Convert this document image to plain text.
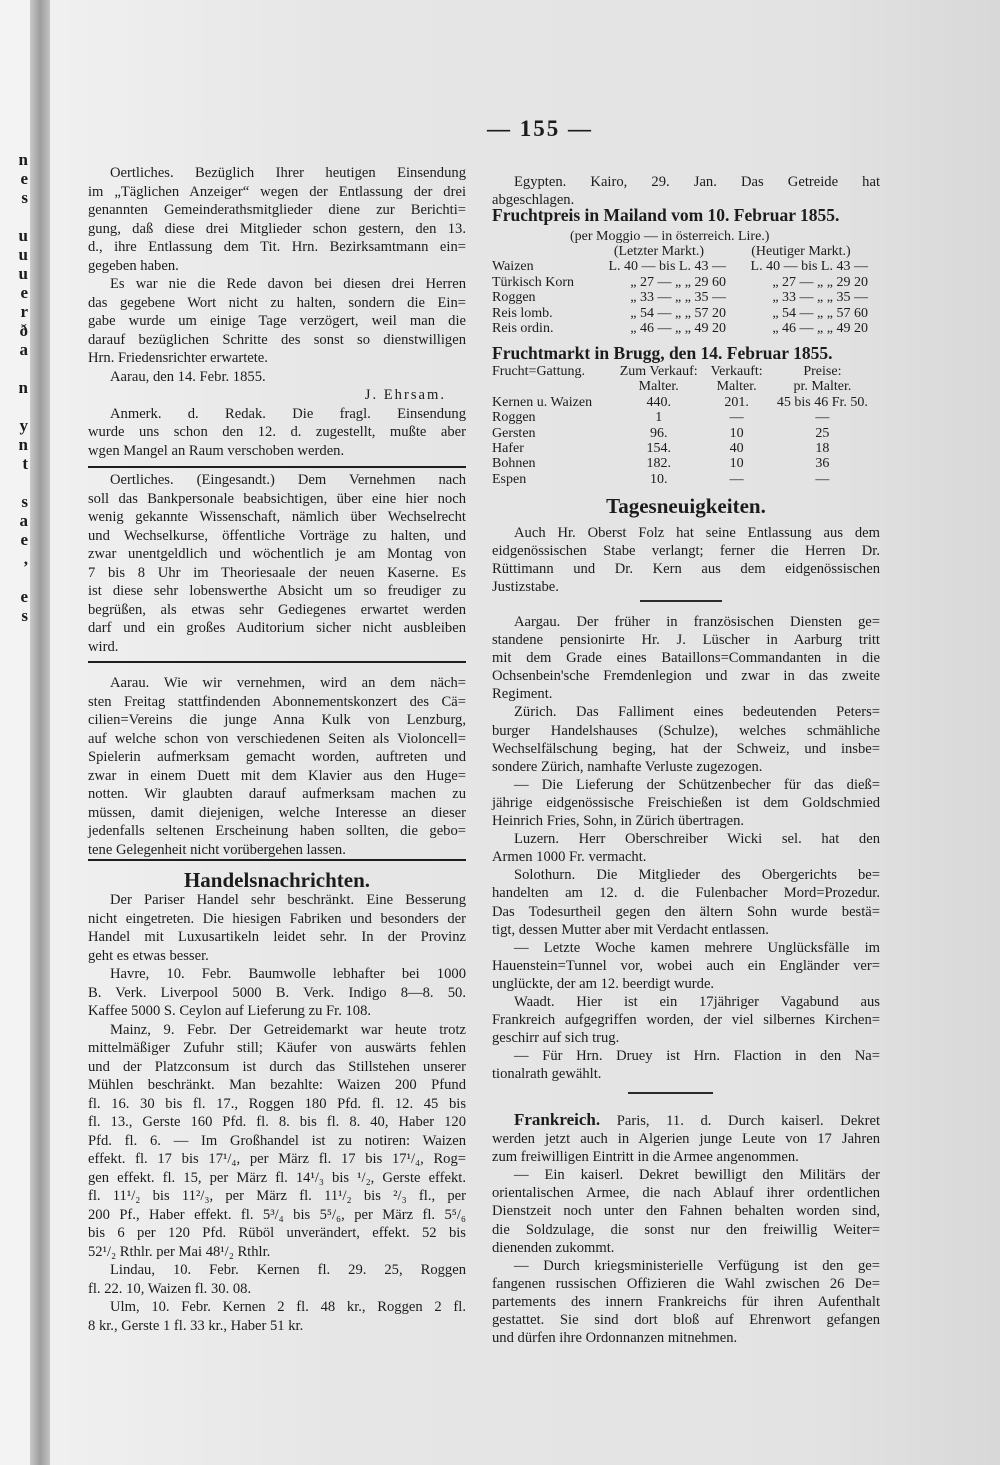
n
e
s
u
u
u
e
r
ð
a
n
y
n
t
s
a
e
,
e
s
— 155 —
Oertliches. Bezüglich Ihrer heutigen Einsendung
im „Täglichen Anzeiger“ wegen der Entlassung der drei
genannten Gemeinderathsmitglieder diene zur Berichti=
gung, daß diese drei Mitglieder schon gestern, den 13.
d., ihre Entlassung dem Tit. Hrn. Bezirksamtmann ein=
gegeben haben.
Es war nie die Rede davon bei diesen drei Herren
das gegebene Wort nicht zu halten, sondern die Ein=
gabe wurde um einige Tage verzögert, weil man die
darauf bezüglichen Schritte des sonst so dienstwilligen
Hrn. Friedensrichter erwartete.
Aarau, den 14. Febr. 1855.
J. Ehrsam.
Anmerk. d. Redak. Die fragl. Einsendung
wurde uns schon den 12. d. zugestellt, mußte aber
wgen Mangel an Raum verschoben werden.
Oertliches. (Eingesandt.) Dem Vernehmen nach
soll das Bankpersonale beabsichtigen, über eine hier noch
wenig gekannte Wissenschaft, nämlich über Wechselrecht
und Wechselkurse, öffentliche Vorträge zu halten, und
zwar unentgeldlich und wöchentlich je am Montag von
7 bis 8 Uhr im Theoriesaale der neuen Kaserne. Es
ist diese sehr lobenswerthe Absicht um so freudiger zu
begrüßen, als etwas sehr Gediegenes erwartet werden
darf und ein großes Auditorium sicher nicht ausbleiben
wird.
Aarau. Wie wir vernehmen, wird an dem näch=
sten Freitag stattfindenden Abonnementskonzert des Cä=
cilien=Vereins die junge Anna Kulk von Lenzburg,
auf welche schon von verschiedenen Seiten als Violoncell=
Spielerin aufmerksam gemacht worden, auftreten und
zwar in einem Duett mit dem Klavier aus den Huge=
notten. Wir glaubten darauf aufmerksam machen zu
müssen, damit diejenigen, welche Interesse an dieser
jedenfalls seltenen Erscheinung haben sollten, die gebo=
tene Gelegenheit nicht vorübergehen lassen.
Handelsnachrichten.
Der Pariser Handel sehr beschränkt. Eine Besserung
nicht eingetreten. Die hiesigen Fabriken und besonders der
Handel mit Luxusartikeln leidet sehr. In der Provinz
geht es etwas besser.
Havre, 10. Febr. Baumwolle lebhafter bei 1000
B. Verk. Liverpool 5000 B. Verk. Indigo 8—8. 50.
Kaffee 5000 S. Ceylon auf Lieferung zu Fr. 108.
Mainz, 9. Febr. Der Getreidemarkt war heute trotz
mittelmäßiger Zufuhr still; Käufer von auswärts fehlen
und der Platzconsum ist durch das Stillstehen unserer
Mühlen beschränkt. Man bezahlte: Waizen 200 Pfund
fl. 16. 30 bis fl. 17., Roggen 180 Pfd. fl. 12. 45 bis
fl. 13., Gerste 160 Pfd. fl. 8. bis fl. 8. 40, Haber 120
Pfd. fl. 6. — Im Großhandel ist zu notiren: Waizen
effekt. fl. 17 bis 17¹/₄, per März fl. 17 bis 17¹/₄, Rog=
gen effekt. fl. 15, per März fl. 14¹/₃ bis ¹/₂, Gerste effekt.
fl. 11¹/₂ bis 11²/₃, per März fl. 11¹/₂ bis ²/₃ fl., per
200 Pf., Haber effekt. fl. 5³/₄ bis 5⁵/₆, per März fl. 5⁵/₆
bis 6 per 120 Pfd. Rüböl unverändert, effekt. 52 bis
52¹/₂ Rthlr. per Mai 48¹/₂ Rthlr.
Lindau, 10. Febr. Kernen fl. 29. 25, Roggen
fl. 22. 10, Waizen fl. 30. 08.
Ulm, 10. Febr. Kernen 2 fl. 48 kr., Roggen 2 fl.
8 kr., Gerste 1 fl. 33 kr., Haber 51 kr.
Egypten. Kairo, 29. Jan. Das Getreide hat
abgeschlagen.
Fruchtpreis in Mailand vom 10. Februar 1855.
(per Moggio — in österreich. Lire.)
	(Letzter Markt.)	(Heutiger Markt.)
Waizen	L. 40 — bis L. 43 —	L. 40 — bis L. 43 —
Türkisch Korn	„ 27 — „ „ 29 60	„ 27 — „ „ 29 20
Roggen	„ 33 — „ „ 35 —	„ 33 — „ „ 35 —
Reis lomb.	„ 54 — „ „ 57 20	„ 54 — „ „ 57 60
Reis ordin.	„ 46 — „ „ 49 20	„ 46 — „ „ 49 20
Fruchtmarkt in Brugg, den 14. Februar 1855.
Frucht=Gattung.	Zum Verkauf:	Verkauft:	Preise:
	Malter.	Malter.	pr. Malter.
Kernen u. Waizen	440.	201.	45 bis 46 Fr. 50.
Roggen	1	—	—
Gersten	96.	10	25
Hafer	154.	40	18
Bohnen	182.	10	36
Espen	10.	—	—
Tagesneuigkeiten.
Auch Hr. Oberst Folz hat seine Entlassung aus dem
eidgenössischen Stabe verlangt; ferner die Herren Dr.
Rüttimann und Dr. Kern aus dem eidgenössischen
Justizstabe.
Aargau. Der früher in französischen Diensten ge=
standene pensionirte Hr. J. Lüscher in Aarburg tritt
mit dem Grade eines Bataillons=Commandanten in die
Ochsenbein'sche Fremdenlegion und zwar in das zweite
Regiment.
Zürich. Das Falliment eines bedeutenden Peters=
burger Handelshauses (Schulze), welches schmähliche
Wechselfälschung beging, hat der Schweiz, und insbe=
sondere Zürich, namhafte Verluste zugezogen.
— Die Lieferung der Schützenbecher für das dieß=
jährige eidgenössische Freischießen ist dem Goldschmied
Heinrich Fries, Sohn, in Zürich übertragen.
Luzern. Herr Oberschreiber Wicki sel. hat den
Armen 1000 Fr. vermacht.
Solothurn. Die Mitglieder des Obergerichts be=
handelten am 12. d. die Fulenbacher Mord=Prozedur.
Das Todesurtheil gegen den ältern Sohn wurde bestä=
tigt, dessen Mutter aber mit Verdacht entlassen.
— Letzte Woche kamen mehrere Unglücksfälle im
Hauenstein=Tunnel vor, wobei auch ein Engländer ver=
unglückte, der am 12. beerdigt wurde.
Waadt. Hier ist ein 17jähriger Vagabund aus
Frankreich aufgegriffen worden, der viel silbernes Kirchen=
geschirr auf sich trug.
— Für Hrn. Druey ist Hrn. Flaction in den Na=
tionalrath gewählt.
Frankreich. Paris, 11. d. Durch kaiserl. Dekret
werden jetzt auch in Algerien junge Leute von 17 Jahren
zum freiwilligen Eintritt in die Armee angenommen.
— Ein kaiserl. Dekret bewilligt den Militärs der
orientalischen Armee, die nach Ablauf ihrer ordentlichen
Dienstzeit noch unter den Fahnen behalten worden sind,
die Soldzulage, die sonst nur den freiwillig Weiter=
dienenden zukommt.
— Durch kriegsministerielle Verfügung ist den ge=
fangenen russischen Offizieren die Wahl zwischen 26 De=
partements des innern Frankreichs für ihren Aufenthalt
gestattet. Sie sind dort bloß auf Ehrenwort gefangen
und dürfen ihre Ordonnanzen mitnehmen.
